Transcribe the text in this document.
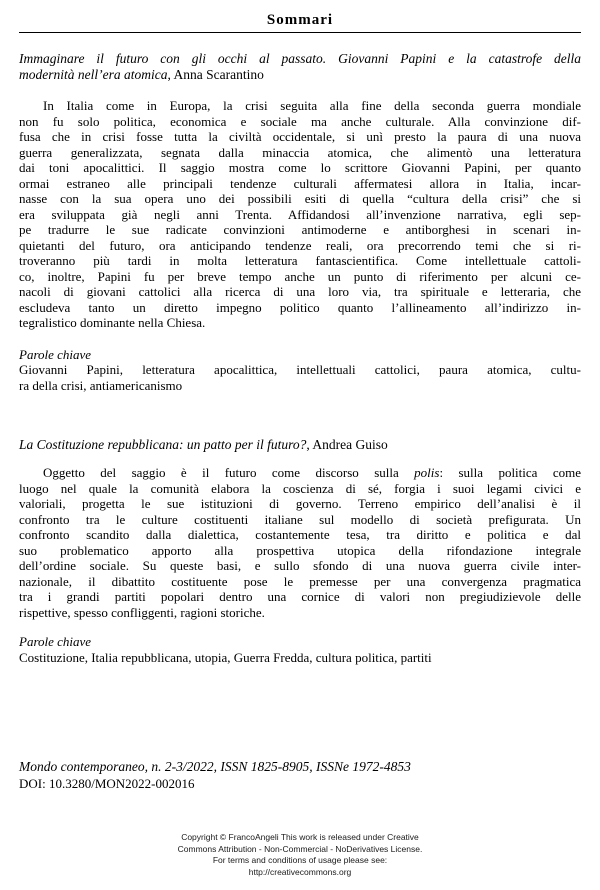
Sommari
Immaginare il futuro con gli occhi al passato. Giovanni Papini e la catastrofe della
modernità nell’era atomica, Anna Scarantino
In Italia come in Europa, la crisi seguita alla fine della seconda guerra mondiale
non fu solo politica, economica e sociale ma anche culturale. Alla convinzione dif-
fusa che in crisi fosse tutta la civiltà occidentale, si unì presto la paura di una nuova
guerra generalizzata, segnata dalla minaccia atomica, che alimentò una letteratura
dai toni apocalittici. Il saggio mostra come lo scrittore Giovanni Papini, per quanto
ormai estraneo alle principali tendenze culturali affermatesi allora in Italia, incar-
nasse con la sua opera uno dei possibili esiti di quella “cultura della crisi” che si
era sviluppata già negli anni Trenta. Affidandosi all’invenzione narrativa, egli sep-
pe tradurre le sue radicate convinzioni antimoderne e antiborghesi in scenari in-
quietanti del futuro, ora anticipando tendenze reali, ora precorrendo temi che si ri-
troveranno più tardi in molta letteratura fantascientifica. Come intellettuale cattoli-
co, inoltre, Papini fu per breve tempo anche un punto di riferimento per alcuni ce-
nacoli di giovani cattolici alla ricerca di una loro via, tra spirituale e letteraria, che
escludeva tanto un diretto impegno politico quanto l’allineamento all’indirizzo in-
tegralistico dominante nella Chiesa.
Parole chiave
Giovanni Papini, letteratura apocalittica, intellettuali cattolici, paura atomica, cultu-
ra della crisi, antiamericanismo
La Costituzione repubblicana: un patto per il futuro?, Andrea Guiso
Oggetto del saggio è il futuro come discorso sulla polis: sulla politica come
luogo nel quale la comunità elabora la coscienza di sé, forgia i suoi legami civici e
valoriali, progetta le sue istituzioni di governo. Terreno empirico dell’analisi è il
confronto tra le culture costituenti italiane sul modello di società prefigurata. Un
confronto scandito dalla dialettica, costantemente tesa, tra diritto e politica e dal
suo problematico apporto alla prospettiva utopica della rifondazione integrale
dell’ordine sociale. Su queste basi, e sullo sfondo di una nuova guerra civile inter-
nazionale, il dibattito costituente pose le premesse per una convergenza pragmatica
tra i grandi partiti popolari dentro una cornice di valori non pregiudizievole delle
rispettive, spesso confliggenti, ragioni storiche.
Parole chiave
Costituzione, Italia repubblicana, utopia, Guerra Fredda, cultura politica, partiti
Mondo contemporaneo, n. 2-3/2022, ISSN 1825-8905, ISSNe 1972-4853
DOI: 10.3280/MON2022-002016
Copyright © FrancoAngeli This work is released under Creative
Commons Attribution - Non-Commercial - NoDerivatives License.
For terms and conditions of usage please see:
http://creativecommons.org
